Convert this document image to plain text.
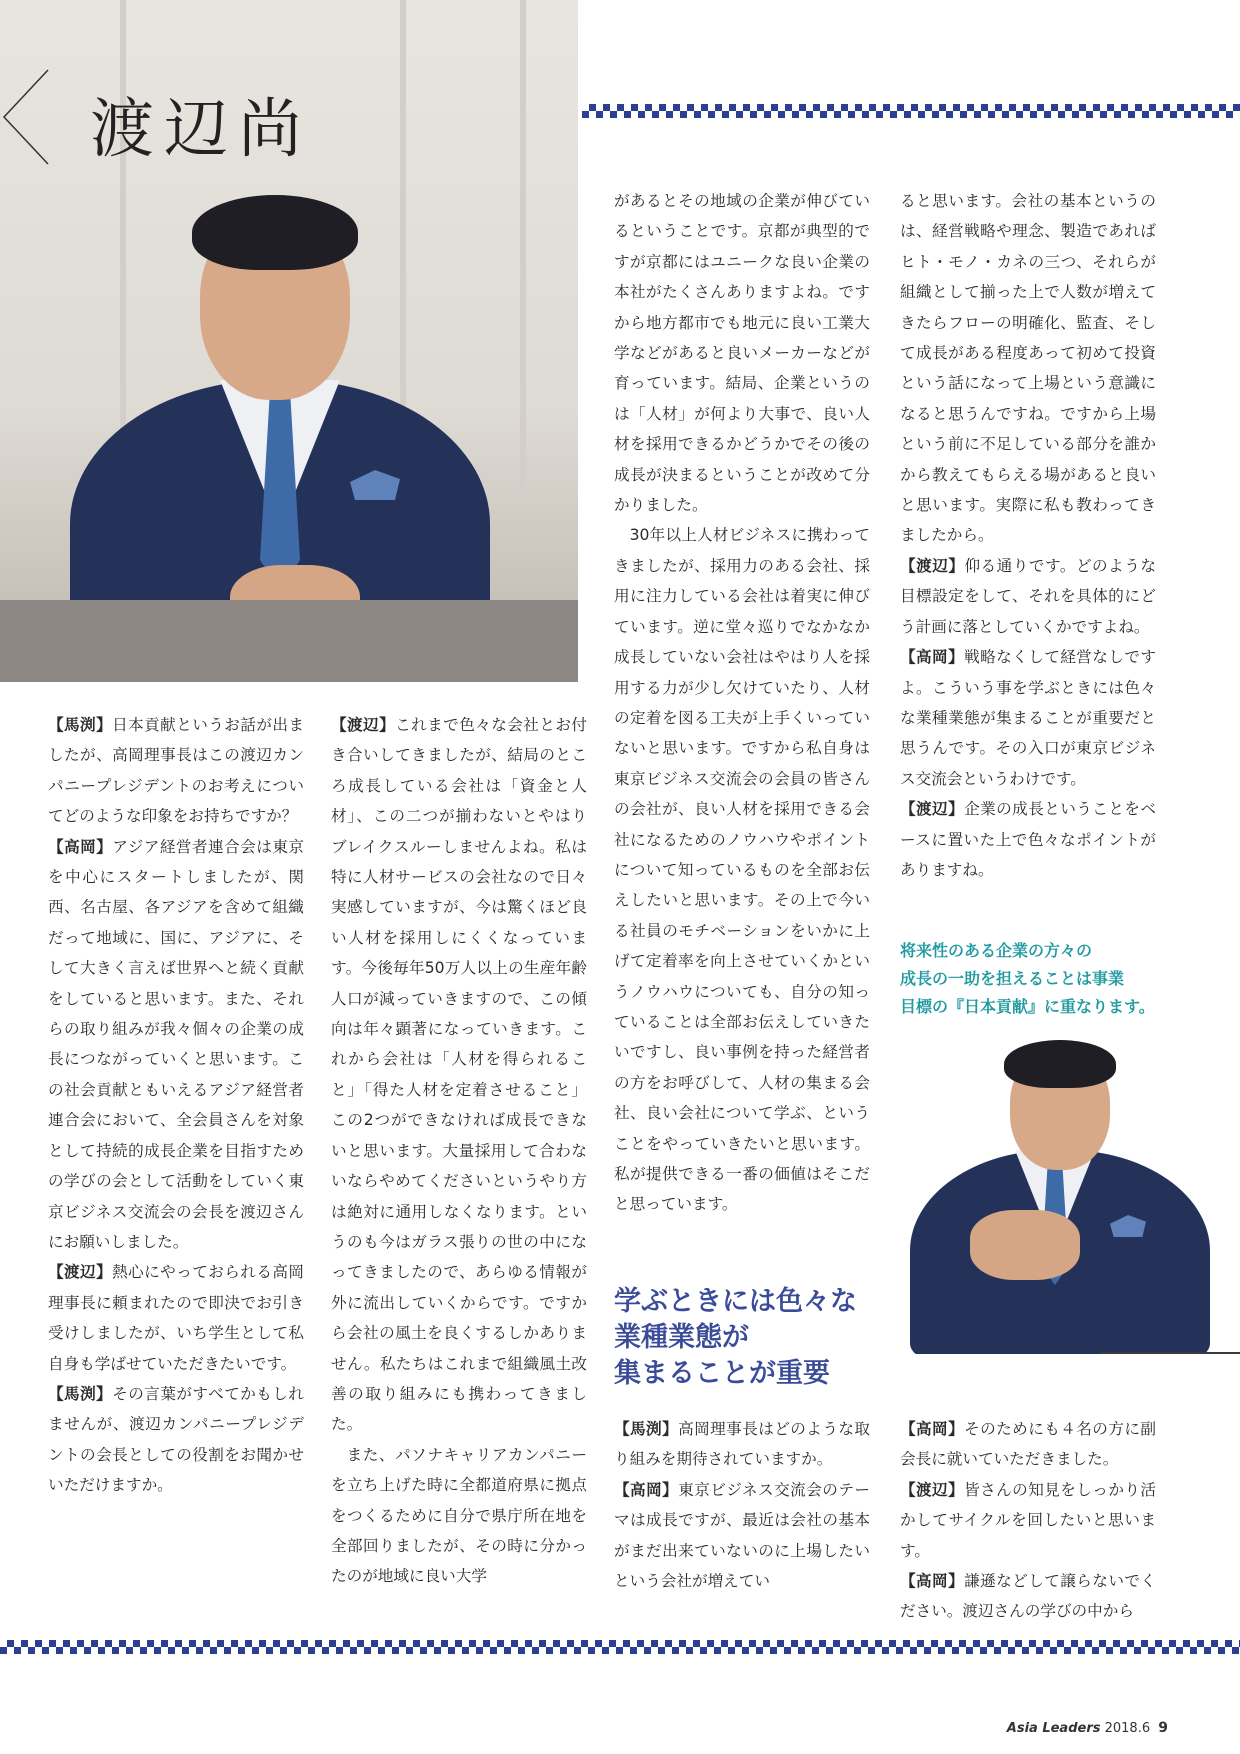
渡辺尚

【馬渕】日本貢献というお話が出ましたが、高岡理事長はこの渡辺カンパニープレジデントのお考えについてどのような印象をお持ちですか？

【高岡】アジア経営者連合会は東京を中心にスタートしましたが、関西、名古屋、各アジアを含めて組織だって地域に、国に、アジアに、そして大きく言えば世界へと続く貢献をしていると思います。また、それらの取り組みが我々個々の企業の成長につながっていくと思います。この社会貢献ともいえるアジア経営者連合会において、全会員さんを対象として持続的成長企業を目指すための学びの会として活動をしていく東京ビジネス交流会の会長を渡辺さんにお願いしました。

【渡辺】熱心にやっておられる高岡理事長に頼まれたので即決でお引き受けしましたが、いち学生として私自身も学ばせていただきたいです。

【馬渕】その言葉がすべてかもしれませんが、渡辺カンパニープレジデントの会長としての役割をお聞かせいただけますか。

【渡辺】これまで色々な会社とお付き合いしてきましたが、結局のところ成長している会社は「資金と人材」、この二つが揃わないとやはりブレイクスルーしませんよね。私は特に人材サービスの会社なので日々実感していますが、今は驚くほど良い人材を採用しにくくなっています。今後毎年50万人以上の生産年齢人口が減っていきますので、この傾向は年々顕著になっていきます。これから会社は「人材を得られること」「得た人材を定着させること」この2つができなければ成長できないと思います。大量採用して合わないならやめてくださいというやり方は絶対に通用しなくなります。というのも今はガラス張りの世の中になってきましたので、あらゆる情報が外に流出していくからです。ですから会社の風土を良くするしかありません。私たちはこれまで組織風土改善の取り組みにも携わってきました。

また、パソナキャリアカンパニーを立ち上げた時に全都道府県に拠点をつくるために自分で県庁所在地を全部回りましたが、その時に分かったのが地域に良い大学

があるとその地域の企業が伸びているということです。京都が典型的ですが京都にはユニークな良い企業の本社がたくさんありますよね。ですから地方都市でも地元に良い工業大学などがあると良いメーカーなどが育っています。結局、企業というのは「人材」が何より大事で、良い人材を採用できるかどうかでその後の成長が決まるということが改めて分かりました。

30年以上人材ビジネスに携わってきましたが、採用力のある会社、採用に注力している会社は着実に伸びています。逆に堂々巡りでなかなか成長していない会社はやはり人を採用する力が少し欠けていたり、人材の定着を図る工夫が上手くいっていないと思います。ですから私自身は東京ビジネス交流会の会員の皆さんの会社が、良い人材を採用できる会社になるためのノウハウやポイントについて知っているものを全部お伝えしたいと思います。その上で今いる社員のモチベーションをいかに上げて定着率を向上させていくかというノウハウについても、自分の知っていることは全部お伝えしていきたいですし、良い事例を持った経営者の方をお呼びして、人材の集まる会社、良い会社について学ぶ、ということをやっていきたいと思います。私が提供できる一番の価値はそこだと思っています。

学ぶときには色々な
業種業態が
集まることが重要

【馬渕】高岡理事長はどのような取り組みを期待されていますか。

【高岡】東京ビジネス交流会のテーマは成長ですが、最近は会社の基本がまだ出来ていないのに上場したいという会社が増えてい

ると思います。会社の基本というのは、経営戦略や理念、製造であればヒト・モノ・カネの三つ、それらが組織として揃った上で人数が増えてきたらフローの明確化、監査、そして成長がある程度あって初めて投資という話になって上場という意識になると思うんですね。ですから上場という前に不足している部分を誰かから教えてもらえる場があると良いと思います。実際に私も教わってきましたから。

【渡辺】仰る通りです。どのような目標設定をして、それを具体的にどう計画に落としていくかですよね。

【高岡】戦略なくして経営なしですよ。こういう事を学ぶときには色々な業種業態が集まることが重要だと思うんです。その入口が東京ビジネス交流会というわけです。

【渡辺】企業の成長ということをベースに置いた上で色々なポイントがありますね。

将来性のある企業の方々の
成長の一助を担えることは事業
目標の『日本貢献』に重なります。

【高岡】そのためにも４名の方に副会長に就いていただきました。

【渡辺】皆さんの知見をしっかり活かしてサイクルを回したいと思います。

【高岡】謙遜などして譲らないでください。渡辺さんの学びの中から

Asia Leaders 2018.6 9
